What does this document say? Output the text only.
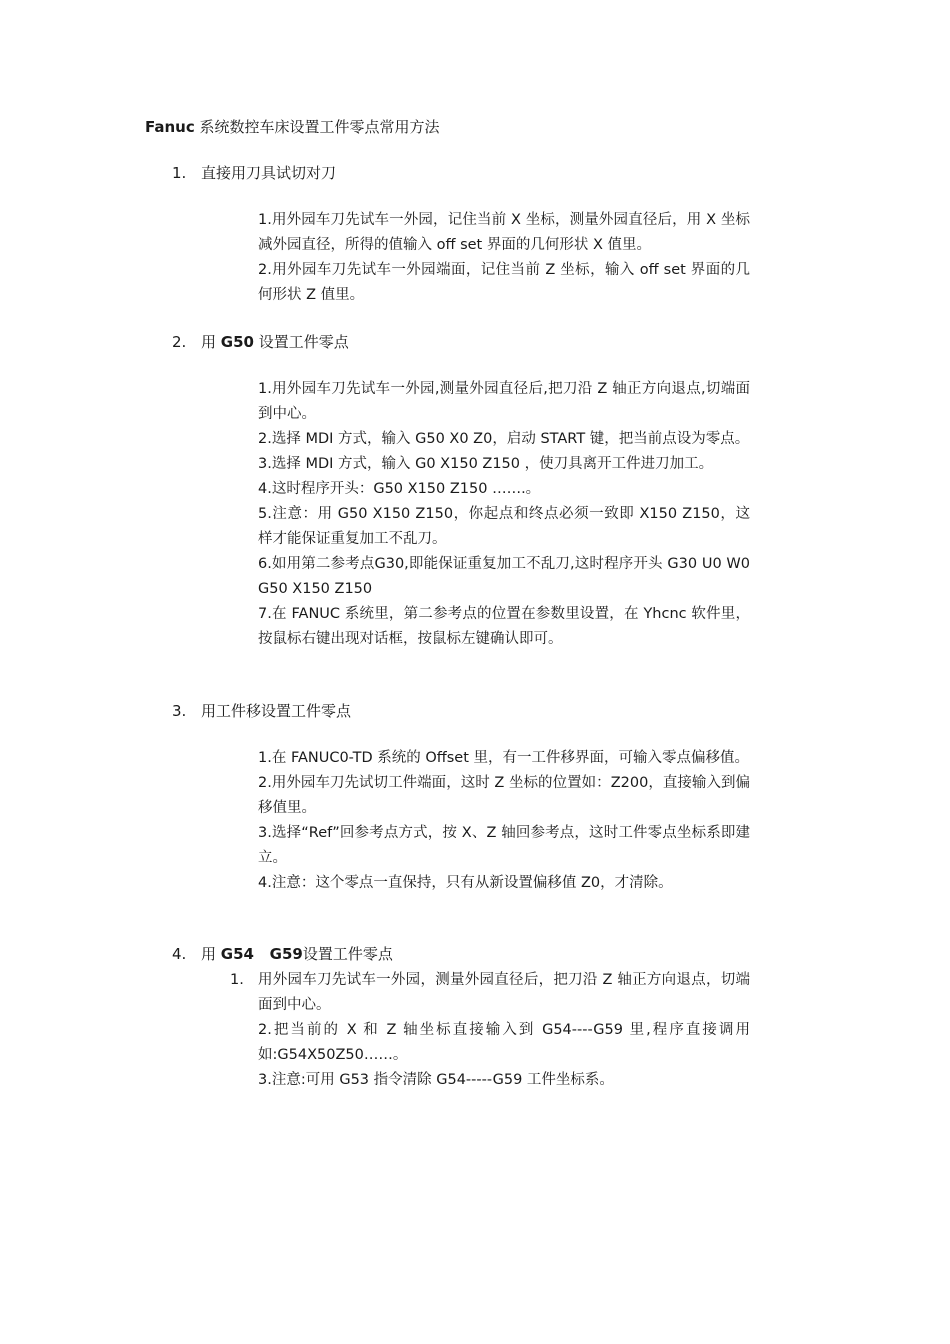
Fanuc 系统数控车床设置工件零点常用方法
1. 直接用刀具试切对刀

1.用外园车刀先试车一外园，记住当前 X 坐标，测量外园直径后，用 X 坐标减外园直径，所得的值输入 off set 界面的几何形状 X 值里。

2.用外园车刀先试车一外园端面，记住当前 Z 坐标，输入 off set 界面的几何形状 Z 值里。

2. 用 G50 设置工件零点

1.用外园车刀先试车一外园,测量外园直径后,把刀沿 Z 轴正方向退点,切端面到中心。

2.选择 MDI 方式，输入 G50 X0 Z0，启动 START 键，把当前点设为零点。

3.选择 MDI 方式，输入 G0 X150 Z150 ，使刀具离开工件进刀加工。

4.这时程序开头：G50 X150 Z150 …….。

5.注意：用 G50 X150 Z150，你起点和终点必须一致即 X150 Z150，这样才能保证重复加工不乱刀。

6.如用第二参考点G30,即能保证重复加工不乱刀,这时程序开头 G30 U0 W0 G50 X150 Z150

7.在 FANUC 系统里，第二参考点的位置在参数里设置，在 Yhcnc 软件里，按鼠标右键出现对话框，按鼠标左键确认即可。

3. 用工件移设置工件零点

1.在 FANUC0-TD 系统的 Offset 里，有一工件移界面，可输入零点偏移值。

2.用外园车刀先试切工件端面，这时 Z 坐标的位置如：Z200，直接输入到偏移值里。

3.选择“Ref”回参考点方式，按 X、Z 轴回参考点，这时工件零点坐标系即建立。

4.注意：这个零点一直保持，只有从新设置偏移值 Z0，才清除。

4. 用 G54   G59设置工件零点
1. 用外园车刀先试车一外园，测量外园直径后，把刀沿 Z 轴正方向退点，切端面到中心。

2.把当前的 X 和 Z 轴坐标直接输入到 G54----G59 里,程序直接调用如:G54X50Z50……。

3.注意:可用 G53 指令清除 G54-----G59 工件坐标系。
